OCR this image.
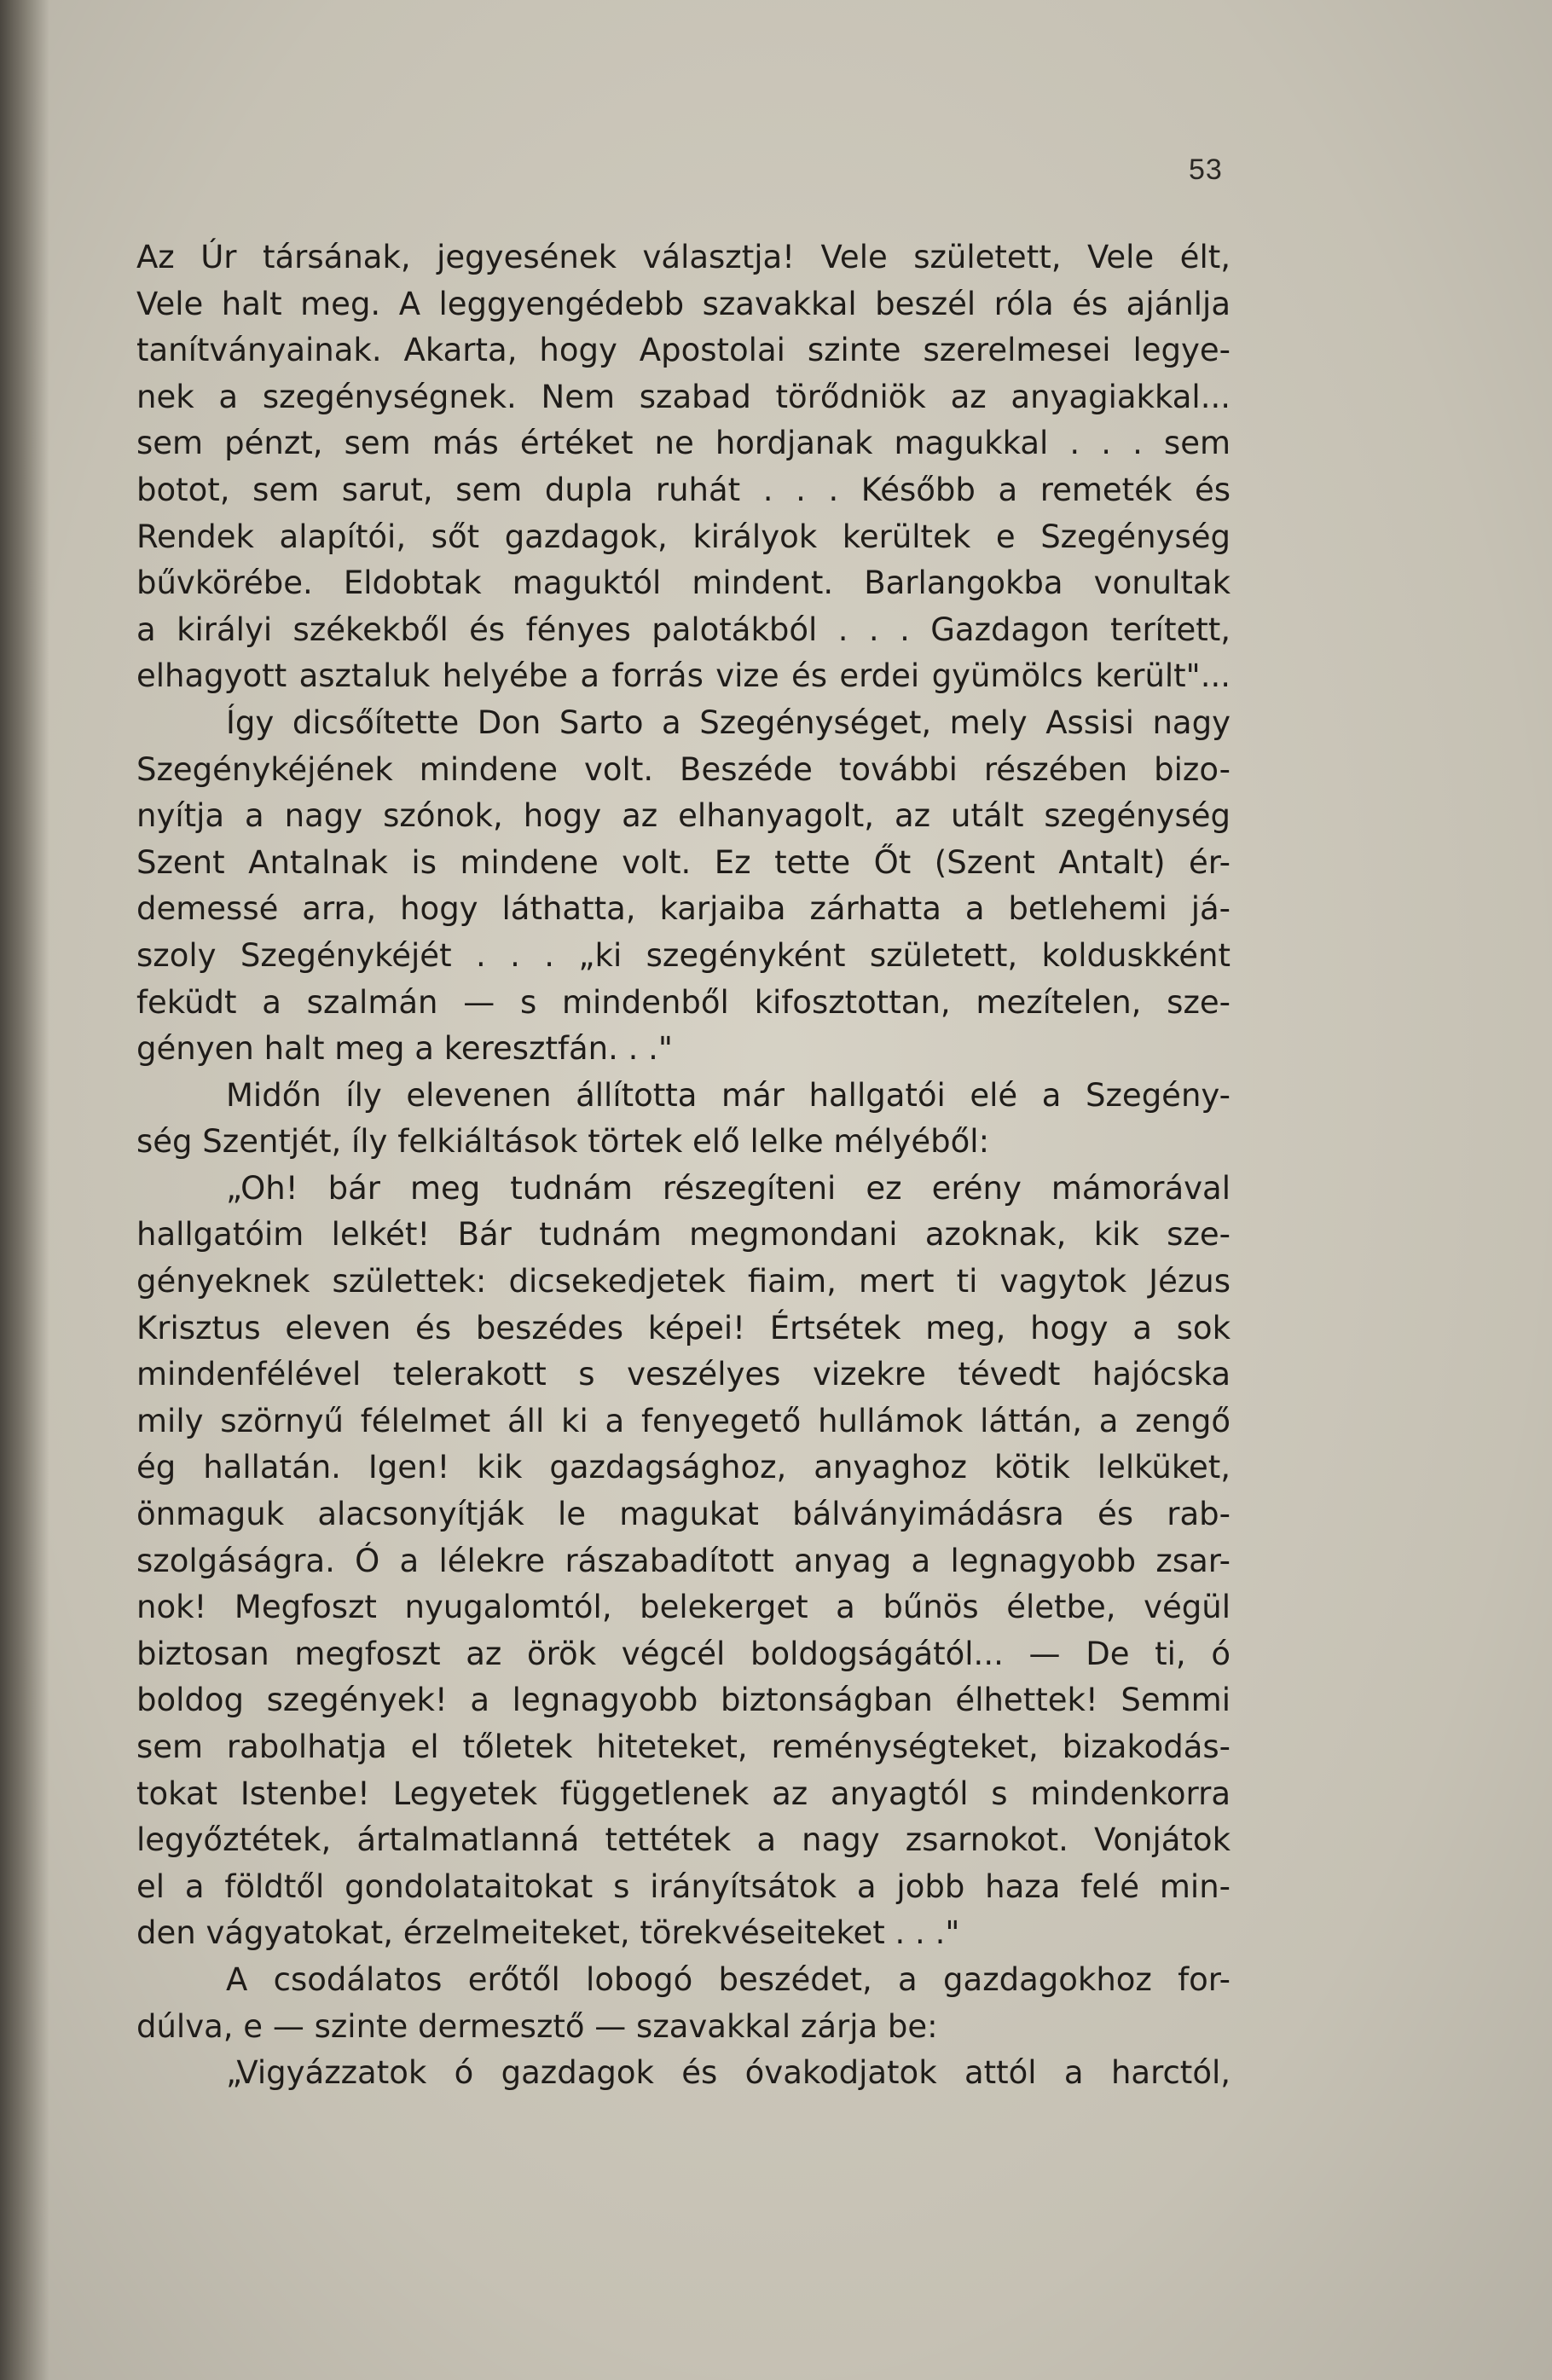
53
Az Úr társának, jegyesének választja! Vele született, Vele élt,
Vele halt meg. A leggyengédebb szavakkal beszél róla és ajánlja
tanítványainak. Akarta, hogy Apostolai szinte szerelmesei legye-
nek a szegénységnek. Nem szabad törődniök az anyagiakkal...
sem pénzt, sem más értéket ne hordjanak magukkal . . . sem
botot, sem sarut, sem dupla ruhát . . . Később a remeték és
Rendek alapítói, sőt gazdagok, királyok kerültek e Szegénység
bűvkörébe. Eldobtak maguktól mindent. Barlangokba vonultak
a királyi székekből és fényes palotákból . . . Gazdagon terített,
elhagyott asztaluk helyébe a forrás vize és erdei gyümölcs került"...
Így dicsőítette Don Sarto a Szegénységet, mely Assisi nagy
Szegénykéjének mindene volt. Beszéde további részében bizo-
nyítja a nagy szónok, hogy az elhanyagolt, az utált szegénység
Szent Antalnak is mindene volt. Ez tette Őt (Szent Antalt) ér-
demessé arra, hogy láthatta, karjaiba zárhatta a betlehemi já-
szoly Szegénykéjét . . . „ki szegényként született, kolduskként
feküdt a szalmán — s mindenből kifosztottan, mezítelen, sze-
gényen halt meg a keresztfán. . ."
Midőn íly elevenen állította már hallgatói elé a Szegény-
ség Szentjét, íly felkiáltások törtek elő lelke mélyéből:
„Oh! bár meg tudnám részegíteni ez erény mámorával
hallgatóim lelkét! Bár tudnám megmondani azoknak, kik sze-
gényeknek születtek: dicsekedjetek fiaim, mert ti vagytok Jézus
Krisztus eleven és beszédes képei! Értsétek meg, hogy a sok
mindenfélével telerakott s veszélyes vizekre tévedt hajócska
mily szörnyű félelmet áll ki a fenyegető hullámok láttán, a zengő
ég hallatán. Igen! kik gazdagsághoz, anyaghoz kötik lelküket,
önmaguk alacsonyítják le magukat bálványimádásra és rab-
szolgáságra. Ó a lélekre rászabadított anyag a legnagyobb zsar-
nok! Megfoszt nyugalomtól, belekerget a bűnös életbe, végül
biztosan megfoszt az örök végcél boldogságától... — De ti, ó
boldog szegények! a legnagyobb biztonságban élhettek! Semmi
sem rabolhatja el tőletek hiteteket, reménységteket, bizakodás-
tokat Istenbe! Legyetek függetlenek az anyagtól s mindenkorra
legyőztétek, ártalmatlanná tettétek a nagy zsarnokot. Vonjátok
el a földtől gondolataitokat s irányítsátok a jobb haza felé min-
den vágyatokat, érzelmeiteket, törekvéseiteket . . ."
A csodálatos erőtől lobogó beszédet, a gazdagokhoz for-
dúlva, e — szinte dermesztő — szavakkal zárja be:
„Vigyázzatok ó gazdagok és óvakodjatok attól a harctól,
